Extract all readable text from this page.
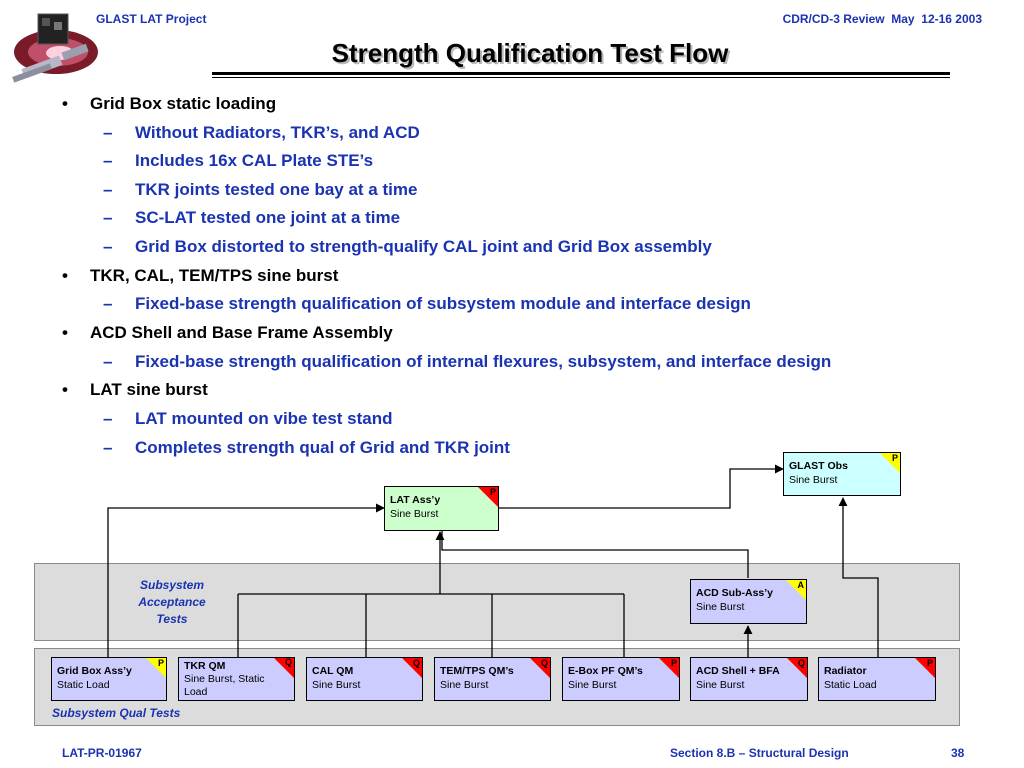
GLAST LAT Project	CDR/CD-3 Review  May  12-16 2003
Strength Qualification Test Flow
•	Grid Box static loading
–	Without Radiators, TKR’s, and ACD
–	Includes 16x CAL Plate STE’s
–	TKR joints tested one bay at a time
–	SC-LAT tested one joint at a time
–	Grid Box distorted to strength-qualify CAL joint and Grid Box assembly
•	TKR, CAL, TEM/TPS sine burst
–	Fixed-base strength qualification of subsystem module and interface design
•	ACD Shell and Base Frame Assembly
–	Fixed-base strength qualification of internal flexures, subsystem, and interface design
•	LAT sine burst
–	LAT mounted on vibe test stand
–	Completes strength qual of Grid and TKR joint
Subsystem
Acceptance
Tests
Subsystem Qual Tests
GLAST Obs
Sine Burst
P
LAT Ass’y
Sine Burst
P
ACD Sub-Ass’y
Sine Burst
A
Grid Box Ass’y
Static Load
P TKR QM
Sine Burst, Static Load
Q
CAL QM
Sine Burst
Q
TEM/TPS QM’s
Sine Burst
Q
E-Box PF QM’s
Sine Burst
P
ACD Shell + BFA
Sine Burst
Q
Radiator
Static Load
P
LAT-PR-01967	Section 8.B – Structural Design	38
